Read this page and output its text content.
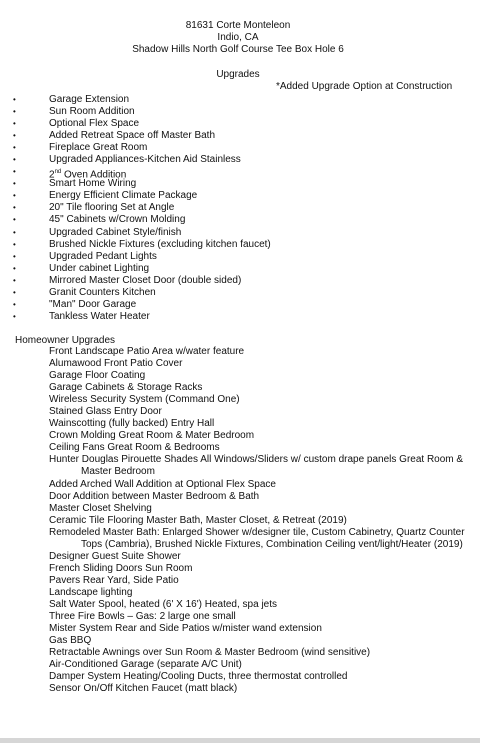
81631 Corte Monteleon
Indio, CA
Shadow Hills North Golf Course Tee Box Hole 6
Upgrades
*Added Upgrade Option at Construction
•	Garage Extension
•	Sun Room Addition
•	Optional Flex Space
•	Added Retreat Space off Master Bath
•	Fireplace Great Room
•	Upgraded Appliances-Kitchen Aid Stainless
•	2nd Oven Addition
•	Smart Home Wiring
•	Energy Efficient Climate Package
•	20" Tile flooring Set at Angle
•	45" Cabinets w/Crown Molding
•	Upgraded Cabinet Style/finish
•	Brushed Nickle Fixtures (excluding kitchen faucet)
•	Upgraded Pedant Lights
•	Under cabinet Lighting
•	Mirrored Master Closet Door (double sided)
•	Granit Counters Kitchen
•	"Man" Door Garage
•	Tankless Water Heater
Homeowner Upgrades
Front Landscape Patio Area w/water feature
Alumawood Front Patio Cover
Garage Floor Coating
Garage Cabinets & Storage Racks
Wireless Security System (Command One)
Stained Glass Entry Door
Wainscotting (fully backed) Entry Hall
Crown Molding Great Room & Mater Bedroom
Ceiling Fans Great Room & Bedrooms
Hunter Douglas Pirouette Shades All Windows/Sliders w/ custom drape panels Great Room & Master Bedroom
Added Arched Wall Addition at Optional Flex Space
Door Addition between Master Bedroom & Bath
Master Closet Shelving
Ceramic Tile Flooring Master Bath, Master Closet, & Retreat (2019)
Remodeled Master Bath: Enlarged Shower w/designer tile, Custom Cabinetry, Quartz Counter Tops (Cambria), Brushed Nickle Fixtures, Combination Ceiling vent/light/Heater (2019)
Designer Guest Suite Shower
French Sliding Doors Sun Room
Pavers Rear Yard, Side Patio
Landscape lighting
Salt Water Spool, heated (6' X 16') Heated, spa jets
Three Fire Bowls – Gas: 2 large one small
Mister System Rear and Side Patios w/mister wand extension
Gas BBQ
Retractable Awnings over Sun Room & Master Bedroom (wind sensitive)
Air-Conditioned Garage (separate A/C Unit)
Damper System Heating/Cooling Ducts, three thermostat controlled
Sensor On/Off Kitchen Faucet (matt black)
